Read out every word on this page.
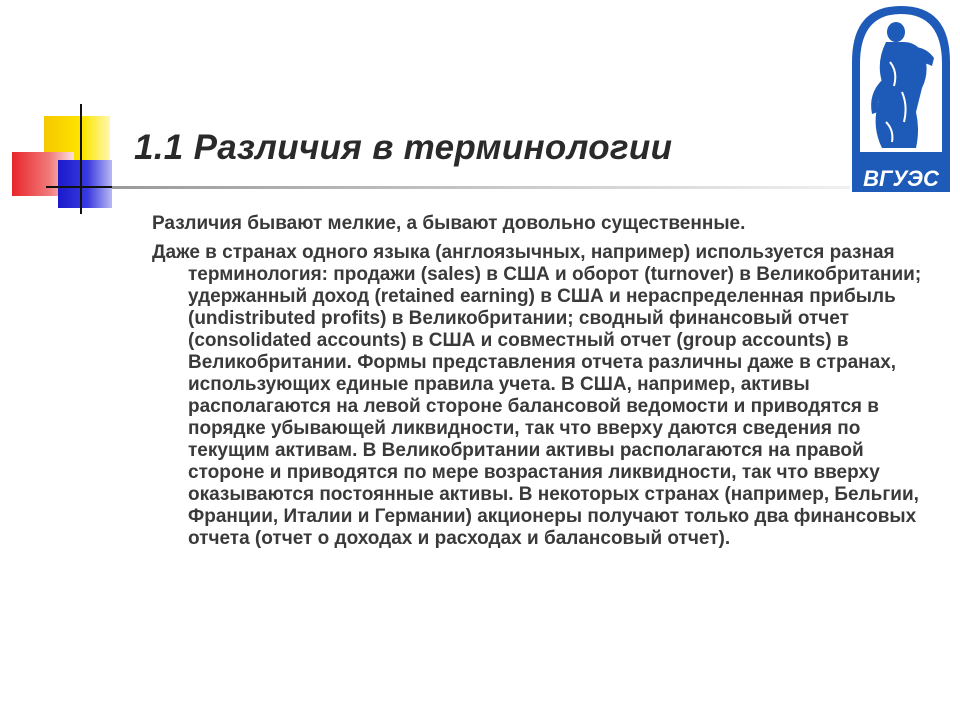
1.1 Различия в терминологии
ВГУЭС

Различия бывают мелкие, а бывают довольно существенные.

Даже в странах одного языка (англоязычных, например) используется разная терминология: продажи (sales) в США и оборот (turnover) в Великобритании; удержанный доход (retained earning) в США и нераспределенная прибыль (undistributed profits) в Великобритании; сводный финансовый отчет (consolidated accounts) в США и совместный отчет (group accounts) в Великобритании. Формы представления отчета различны даже в странах, использующих единые правила учета. В США, например, активы располагаются на левой стороне балансовой ведомости и приводятся в порядке убывающей ликвидности, так что вверху даются сведения по текущим активам. В Великобритании активы располагаются на правой стороне и приводятся по мере возрастания ликвидности, так что вверху оказываются постоянные активы. В некоторых странах (например, Бельгии, Франции, Италии и Германии) акционеры получают только два финансовых отчета (отчет о доходах и расходах и балансовый отчет).
